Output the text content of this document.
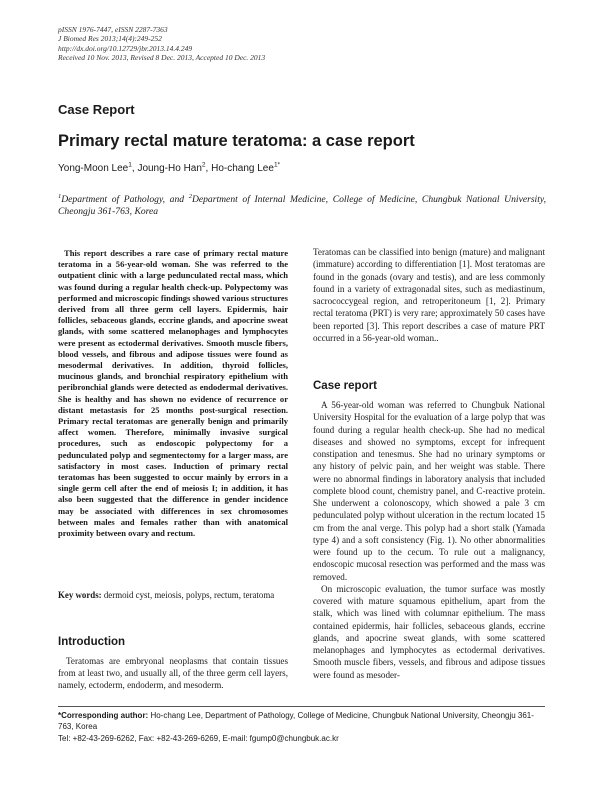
pISSN 1976-7447, eISSN 2287-7363
J Biomed Res 2013;14(4):249-252
http://dx.doi.org/10.12729/jbr.2013.14.4.249
Received 10 Nov. 2013, Revised 8 Dec. 2013, Accepted 10 Dec. 2013
Case Report
Primary rectal mature teratoma: a case report
Yong-Moon Lee$^1$, Joung-Ho Han$^2$, Ho-chang Lee$^{1*}$
$^1$Department of Pathology, and $^2$Department of Internal Medicine, College of Medicine, Chungbuk National University, Cheongju 361-763, Korea

This report describes a rare case of primary rectal mature teratoma in a 56-year-old woman. She was referred to the outpatient clinic with a large pedunculated rectal mass, which was found during a regular health check-up. Polypectomy was performed and microscopic findings showed various structures derived from all three germ cell layers. Epidermis, hair follicles, sebaceous glands, eccrine glands, and apocrine sweat glands, with some scattered melanophages and lymphocytes were present as ectodermal derivatives. Smooth muscle fibers, blood vessels, and fibrous and adipose tissues were found as mesodermal derivatives. In addition, thyroid follicles, mucinous glands, and bronchial respiratory epithelium with peribronchial glands were detected as endodermal derivatives. She is healthy and has shown no evidence of recurrence or distant metastasis for 25 months post-surgical resection. Primary rectal teratomas are generally benign and primarily affect women. Therefore, minimally invasive surgical procedures, such as endoscopic polypectomy for a pedunculated polyp and segmentectomy for a larger mass, are satisfactory in most cases. Induction of primary rectal teratomas has been suggested to occur mainly by errors in a single germ cell after the end of meiosis I; in addition, it has also been suggested that the difference in gender incidence may be associated with differences in sex chromosomes between males and females rather than with anatomical proximity between ovary and rectum.

Key words: dermoid cyst, meiosis, polyps, rectum, teratoma

Introduction

Teratomas are embryonal neoplasms that contain tissues from at least two, and usually all, of the three germ cell layers, namely, ectoderm, endoderm, and mesoderm.

Teratomas can be classified into benign (mature) and malignant (immature) according to differentiation [1]. Most teratomas are found in the gonads (ovary and testis), and are less commonly found in a variety of extragonadal sites, such as mediastinum, sacrococcygeal region, and retroperitoneum [1, 2]. Primary rectal teratoma (PRT) is very rare; approximately 50 cases have been reported [3]. This report describes a case of mature PRT occurred in a 56-year-old woman..

Case report

A 56-year-old woman was referred to Chungbuk National University Hospital for the evaluation of a large polyp that was found during a regular health check-up. She had no medical diseases and showed no symptoms, except for infrequent constipation and tenesmus. She had no urinary symptoms or any history of pelvic pain, and her weight was stable. There were no abnormal findings in laboratory analysis that included complete blood count, chemistry panel, and C-reactive protein. She underwent a colonoscopy, which showed a pale 3 cm pedunculated polyp without ulceration in the rectum located 15 cm from the anal verge. This polyp had a short stalk (Yamada type 4) and a soft consistency (Fig. 1). No other abnormalities were found up to the cecum. To rule out a malignancy, endoscopic mucosal resection was performed and the mass was removed.

On microscopic evaluation, the tumor surface was mostly covered with mature squamous epithelium, apart from the stalk, which was lined with columnar epithelium. The mass contained epidermis, hair follicles, sebaceous glands, eccrine glands, and apocrine sweat glands, with some scattered melanophages and lymphocytes as ectodermal derivatives. Smooth muscle fibers, vessels, and fibrous and adipose tissues were found as mesoder-

*Corresponding author: Ho-chang Lee, Department of Pathology, College of Medicine, Chungbuk National University, Cheongju 361-763, Korea
Tel: +82-43-269-6262, Fax: +82-43-269-6269, E-mail: fgump0@chungbuk.ac.kr
